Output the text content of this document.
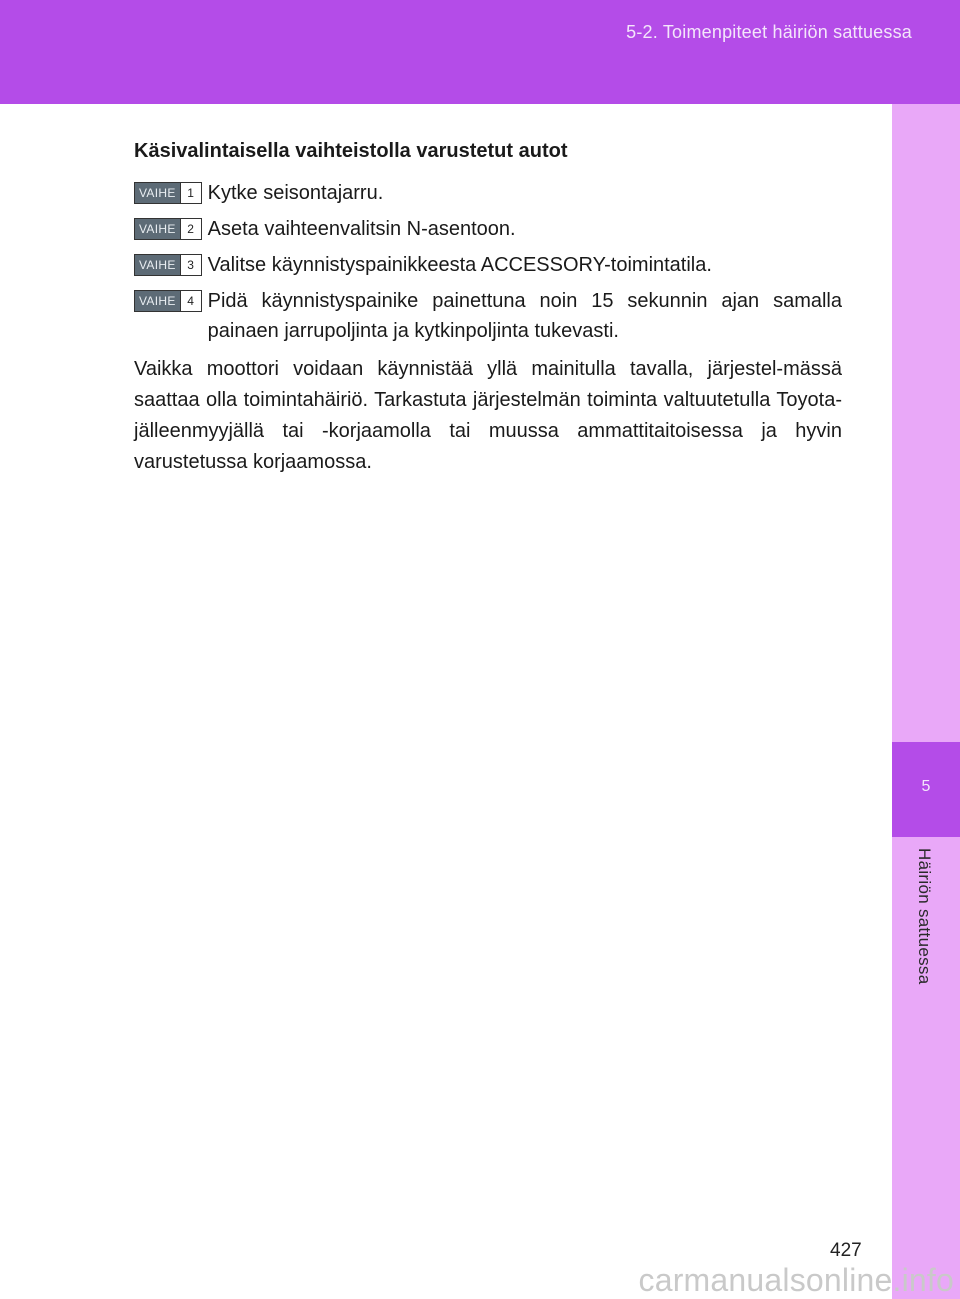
5-2. Toimenpiteet häiriön sattuessa
5
Häiriön sattuessa
Käsivalintaisella vaihteistolla varustetut autot
VAIHE 1 Kytke seisontajarru.
VAIHE 2 Aseta vaihteenvalitsin N-asentoon.
VAIHE 3 Valitse käynnistyspainikkeesta ACCESSORY-toimintatila.
VAIHE 4 Pidä käynnistyspainike painettuna noin 15 sekunnin ajan samalla painaen jarrupoljinta ja kytkinpoljinta tukevasti.
Vaikka moottori voidaan käynnistää yllä mainitulla tavalla, järjestel-mässä saattaa olla toimintahäiriö. Tarkastuta järjestelmän toiminta valtuutetulla Toyota-jälleenmyyjällä tai -korjaamolla tai muussa ammattitaitoisessa ja hyvin varustetussa korjaamossa.
427
carmanualsonline.info
